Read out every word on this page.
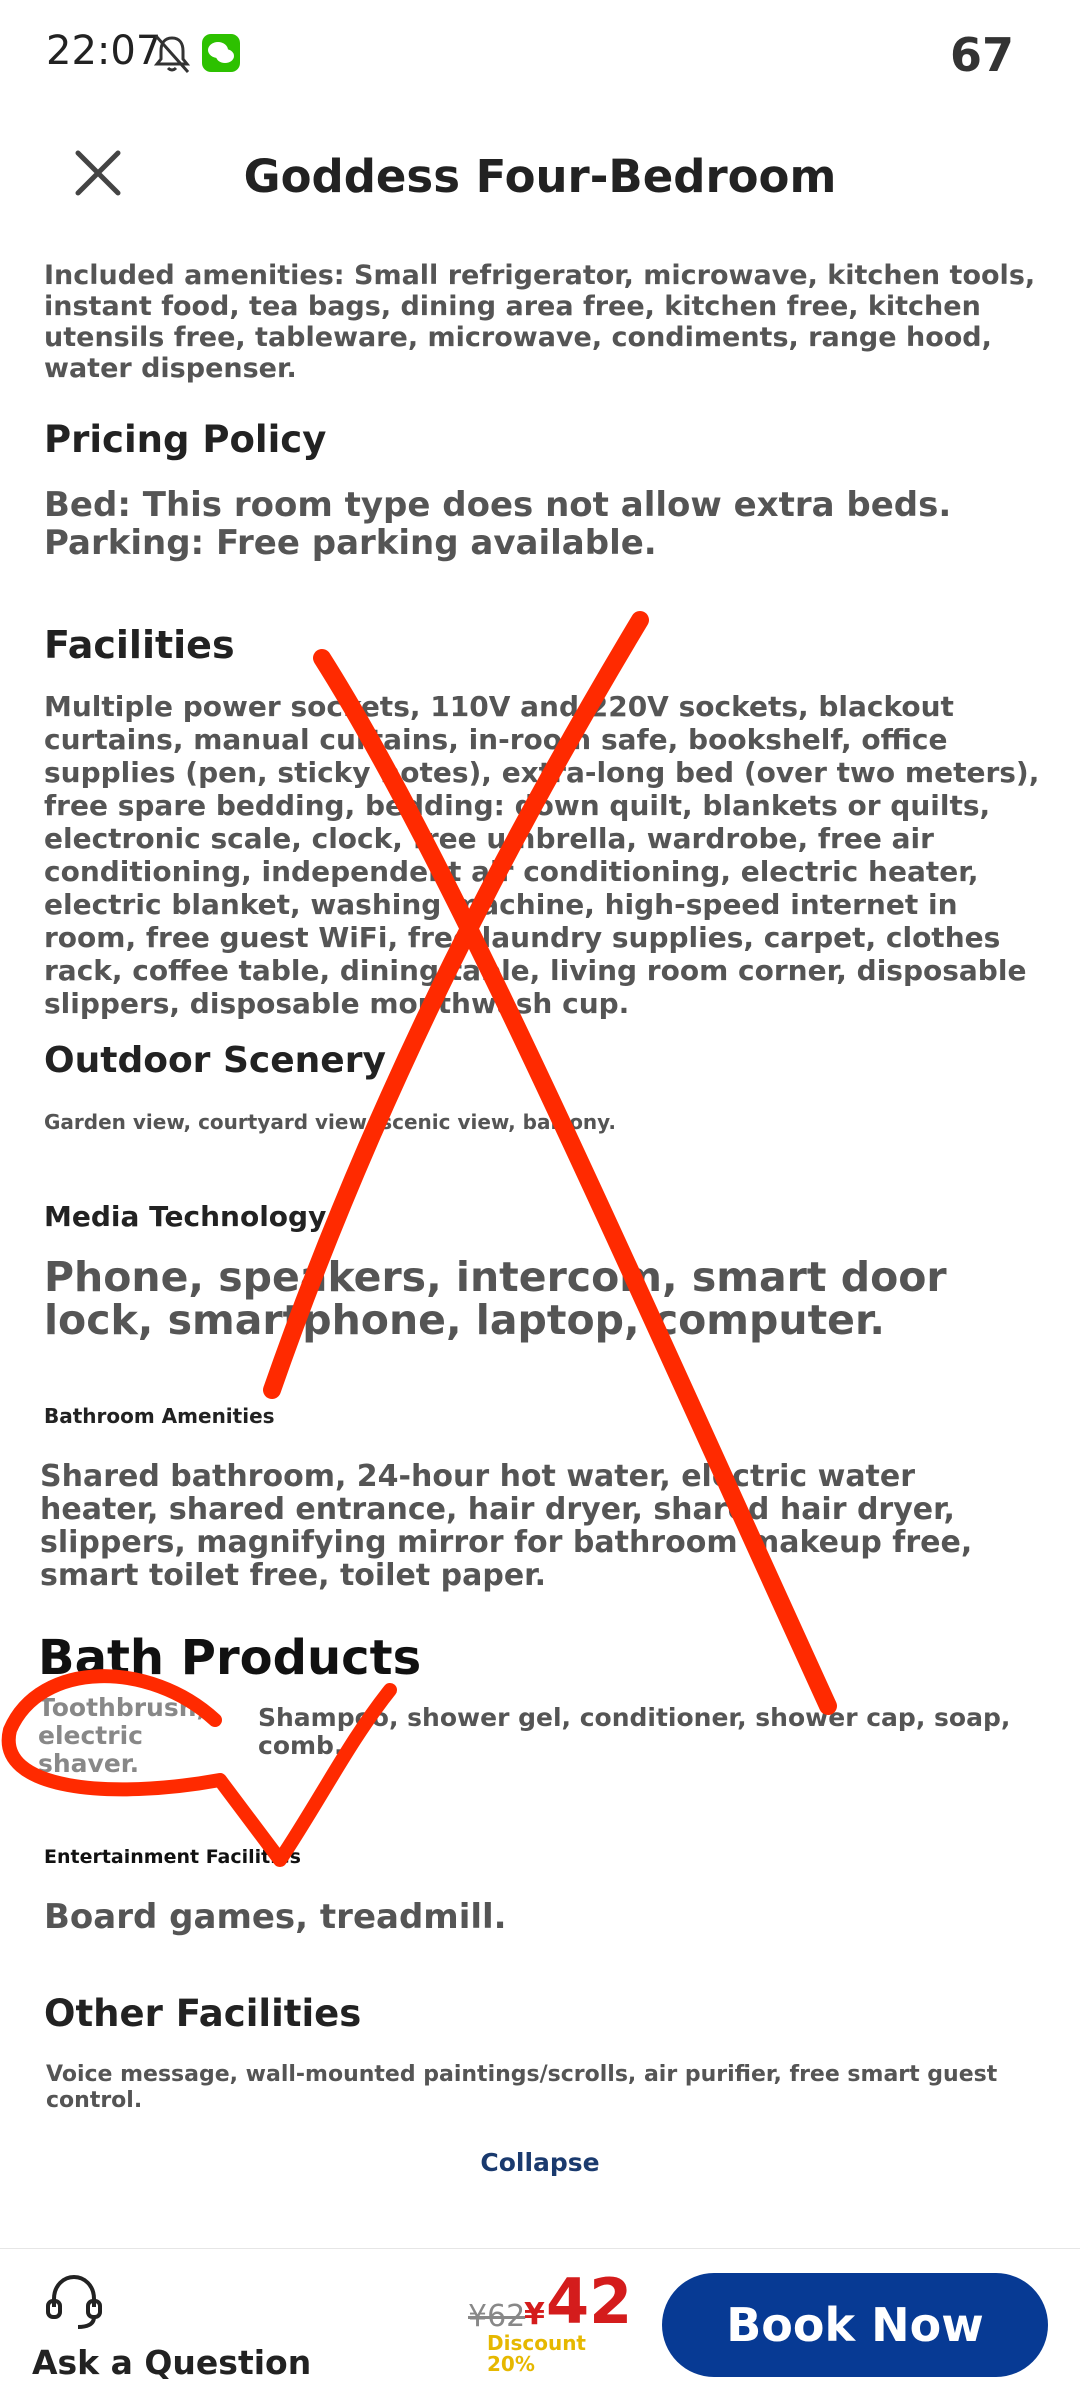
22:07	67
Goddess Four-Bedroom
Included amenities: Small refrigerator, microwave, kitchen tools, instant food, tea bags, dining area free, kitchen free, kitchen utensils free, tableware, microwave, condiments, range hood, water dispenser.
Pricing Policy
Bed: This room type does not allow extra beds. Parking: Free parking available.
Facilities
Multiple power sockets, 110V and 220V sockets, blackout curtains, manual curtains, in-room safe, bookshelf, office supplies (pen, sticky notes), extra-long bed (over two meters), free spare bedding, bedding: down quilt, blankets or quilts, electronic scale, clock, free umbrella, wardrobe, free air conditioning, independent air conditioning, electric heater, electric blanket, washing machine, high-speed internet in room, free guest WiFi, free laundry supplies, carpet, clothes rack, coffee table, dining table, living room corner, disposable slippers, disposable mouthwash cup.
Outdoor Scenery
Garden view, courtyard view, scenic view, balcony.
Media Technology
Phone, speakers, intercom, smart door lock, smartphone, laptop, computer.
Bathroom Amenities
Shared bathroom, 24-hour hot water, electric water heater, shared entrance, hair dryer, shared hair dryer, slippers, magnifying mirror for bathroom makeup free, smart toilet free, toilet paper.
Bath Products
Toothbrush, electric shaver.
Shampoo, shower gel, conditioner, shower cap, soap, comb.
Entertainment Facilities
Board games, treadmill.
Other Facilities
Voice message, wall-mounted paintings/scrolls, air purifier, free smart guest control.
Collapse
Ask a Question
¥62
¥ 42
Discount 20%
Book Now
